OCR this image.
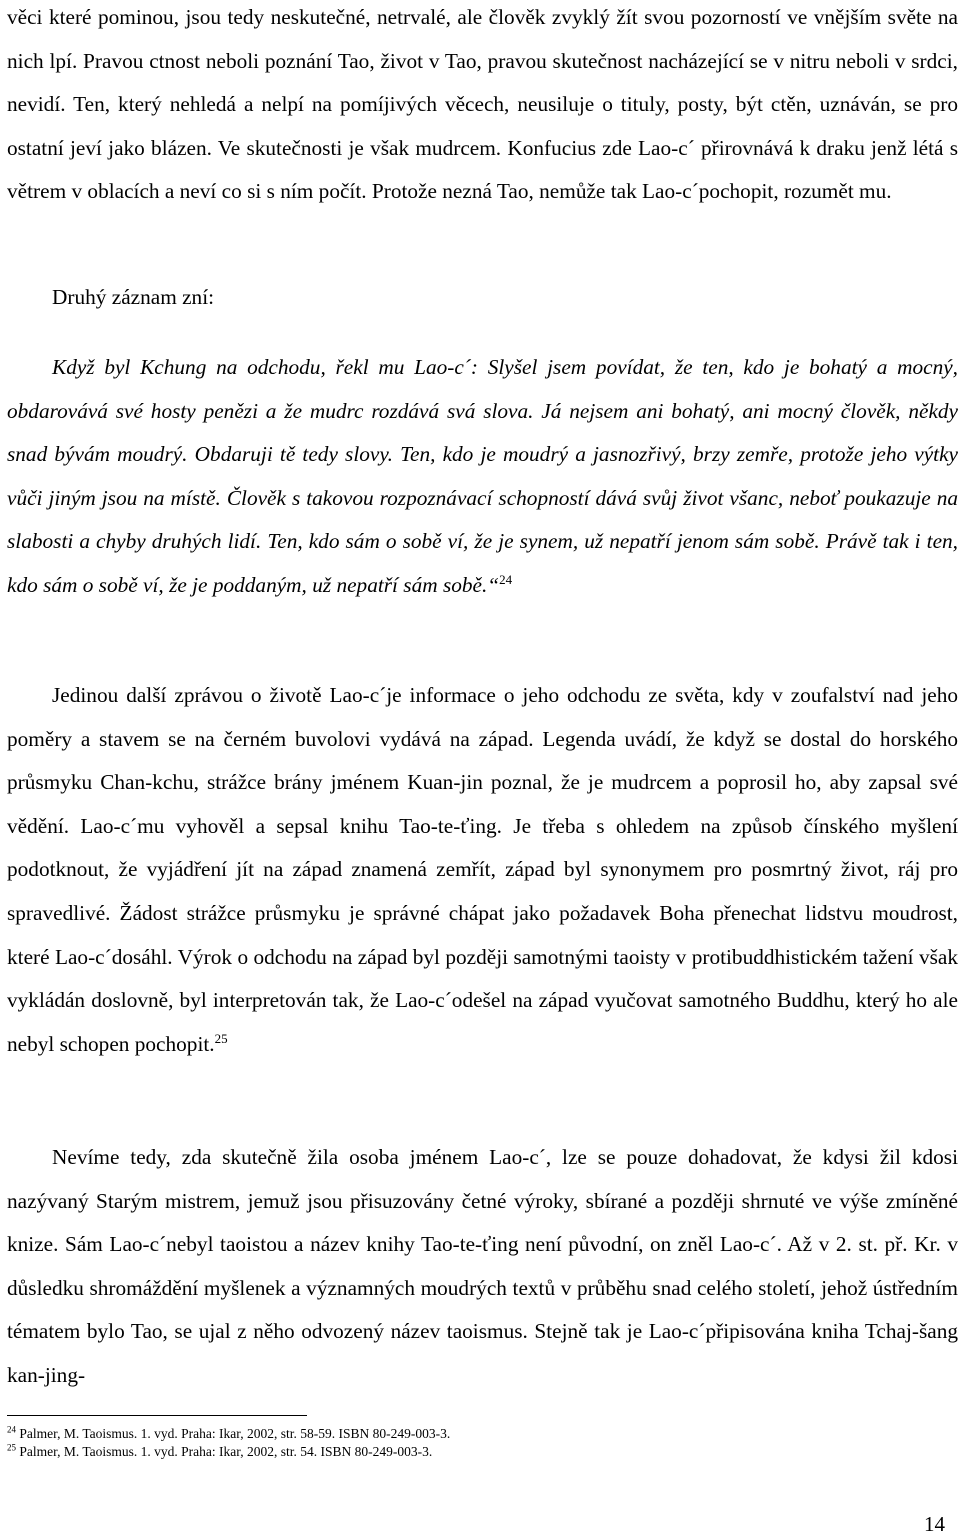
věci které pominou, jsou tedy neskutečné, netrvalé, ale člověk zvyklý žít svou pozorností ve vnějším světe na nich lpí. Pravou ctnost neboli poznání Tao, život v Tao, pravou skutečnost nacházející se v nitru neboli v srdci, nevidí. Ten, který nehledá a nelpí na pomíjivých věcech, neusiluje o tituly, posty, být ctěn, uznáván, se pro ostatní jeví jako blázen. Ve skutečnosti je však mudrcem. Konfucius zde Lao-c´ přirovnává k draku jenž létá s větrem v oblacích a neví co si s ním počít. Protože nezná Tao, nemůže tak Lao-c´pochopit, rozumět mu.

Druhý záznam zní:

Když byl Kchung na odchodu, řekl mu Lao-c´: Slyšel jsem povídat, že ten, kdo je bohatý a mocný, obdarovává své hosty penězi a že mudrc rozdává svá slova. Já nejsem ani bohatý, ani mocný člověk, někdy snad bývám moudrý. Obdaruji tě tedy slovy. Ten, kdo je moudrý a jasnozřivý, brzy zemře, protože jeho výtky vůči jiným jsou na místě. Člověk s takovou rozpoznávací schopností dává svůj život všanc, neboť poukazuje na slabosti a chyby druhých lidí. Ten, kdo sám o sobě ví, že je synem, už nepatří jenom sám sobě. Právě tak i ten, kdo sám o sobě ví, že je poddaným, už nepatří sám sobě.“$^{24}$

Jedinou další zprávou o životě Lao-c´je informace o jeho odchodu ze světa, kdy v zoufalství nad jeho poměry a stavem se na černém buvolovi vydává na západ. Legenda uvádí, že když se dostal do horského průsmyku Chan-kchu, strážce brány jménem Kuan-jin poznal, že je mudrcem a poprosil ho, aby zapsal své vědění. Lao-c´mu vyhověl a sepsal knihu Tao-te-ťing. Je třeba s ohledem na způsob čínského myšlení podotknout, že vyjádření jít na západ znamená zemřít, západ byl synonymem pro posmrtný život, ráj pro spravedlivé. Žádost strážce průsmyku je správné chápat jako požadavek Boha přenechat lidstvu moudrost, které Lao-c´dosáhl. Výrok o odchodu na západ byl později samotnými taoisty v protibuddhistickém tažení však vykládán doslovně, byl interpretován tak, že Lao-c´odešel na západ vyučovat samotného Buddhu, který ho ale nebyl schopen pochopit.$^{25}$

Nevíme tedy, zda skutečně žila osoba jménem Lao-c´, lze se pouze dohadovat, že kdysi žil kdosi nazývaný Starým mistrem, jemuž jsou přisuzovány četné výroky, sbírané a později shrnuté ve výše zmíněné knize. Sám Lao-c´nebyl taoistou a název knihy Tao-te-ťing není původní, on zněl Lao-c´. Až v 2. st. př. Kr. v důsledku shromáždění myšlenek a významných moudrých textů v průběhu snad celého století, jehož ústředním tématem bylo Tao, se ujal z něho odvozený název taoismus. Stejně tak je Lao-c´připisována kniha Tchaj-šang kan-jing-

$^{24}$ Palmer, M. Taoismus. 1. vyd. Praha: Ikar, 2002, str. 58-59. ISBN 80-249-003-3.

$^{25}$ Palmer, M. Taoismus. 1. vyd. Praha: Ikar, 2002, str. 54. ISBN 80-249-003-3.

14
